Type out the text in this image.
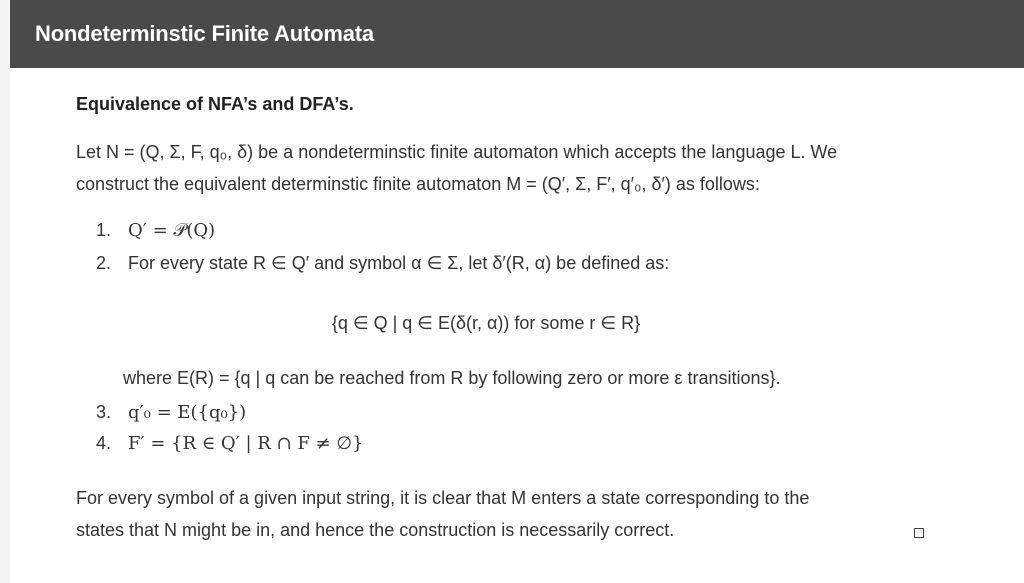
Nondeterminstic Finite Automata
Equivalence of NFA’s and DFA’s.
Let N = (Q, Σ, F, q₀, δ) be a nondeterminstic finite automaton which accepts the language L. We
construct the equivalent determinstic finite automaton M = (Q′, Σ, F′, q′₀, δ′) as follows:
1. Q′ = 𝒫(Q)
2. For every state R ∈ Q′ and symbol α ∈ Σ, let δ′(R, α) be defined as:
3. q′₀ = E({q₀})
4. F′ = {R ∈ Q′ | R ∩ F ≠ ∅}
{q ∈ Q | q ∈ E(δ(r, α)) for some r ∈ R}
where E(R) = {q | q can be reached from R by following zero or more ε transitions}.
For every symbol of a given input string, it is clear that M enters a state corresponding to the
states that N might be in, and hence the construction is necessarily correct.
